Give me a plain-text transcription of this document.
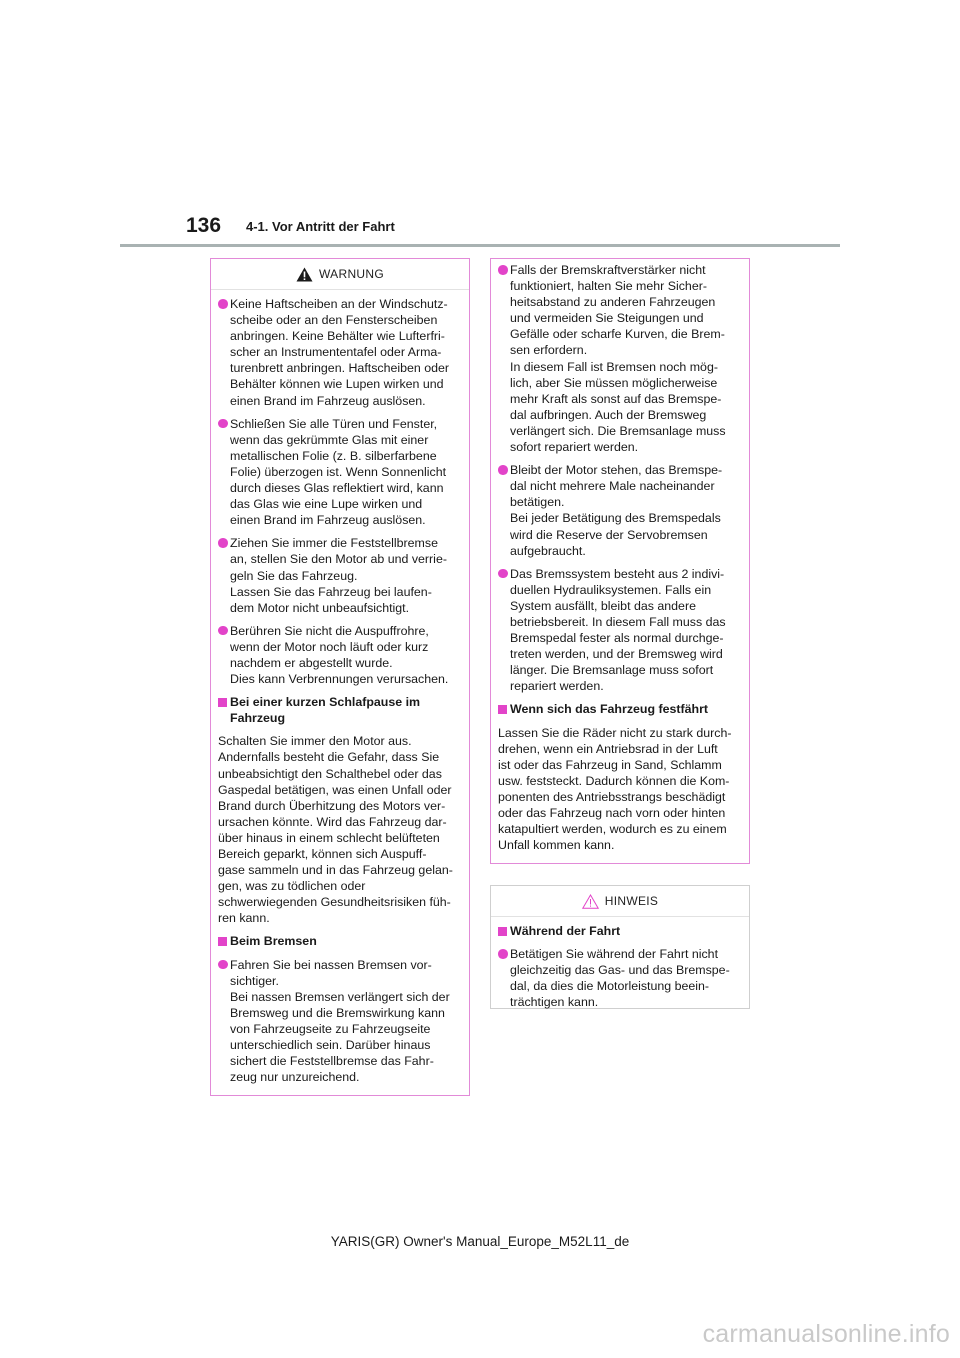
136 4-1. Vor Antritt der Fahrt
WARNUNG
Keine Haftscheiben an der Windschutz-
scheibe oder an den Fensterscheiben
anbringen. Keine Behälter wie Lufterfri-
scher an Instrumententafel oder Arma-
turenbrett anbringen. Haftscheiben oder
Behälter können wie Lupen wirken und
einen Brand im Fahrzeug auslösen.
Schließen Sie alle Türen und Fenster,
wenn das gekrümmte Glas mit einer
metallischen Folie (z. B. silberfarbene
Folie) überzogen ist. Wenn Sonnenlicht
durch dieses Glas reflektiert wird, kann
das Glas wie eine Lupe wirken und
einen Brand im Fahrzeug auslösen.
Ziehen Sie immer die Feststellbremse
an, stellen Sie den Motor ab und verrie-
geln Sie das Fahrzeug.
Lassen Sie das Fahrzeug bei laufen-
dem Motor nicht unbeaufsichtigt.
Berühren Sie nicht die Auspuffrohre,
wenn der Motor noch läuft oder kurz
nachdem er abgestellt wurde.
Dies kann Verbrennungen verursachen.
Bei einer kurzen Schlafpause im
Fahrzeug
Schalten Sie immer den Motor aus.
Andernfalls besteht die Gefahr, dass Sie
unbeabsichtigt den Schalthebel oder das
Gaspedal betätigen, was einen Unfall oder
Brand durch Überhitzung des Motors ver-
ursachen könnte. Wird das Fahrzeug dar-
über hinaus in einem schlecht belüfteten
Bereich geparkt, können sich Auspuff-
gase sammeln und in das Fahrzeug gelan-
gen, was zu tödlichen oder
schwerwiegenden Gesundheitsrisiken füh-
ren kann.
Beim Bremsen
Fahren Sie bei nassen Bremsen vor-
sichtiger.
Bei nassen Bremsen verlängert sich der
Bremsweg und die Bremswirkung kann
von Fahrzeugseite zu Fahrzeugseite
unterschiedlich sein. Darüber hinaus
sichert die Feststellbremse das Fahr-
zeug nur unzureichend.
Falls der Bremskraftverstärker nicht
funktioniert, halten Sie mehr Sicher-
heitsabstand zu anderen Fahrzeugen
und vermeiden Sie Steigungen und
Gefälle oder scharfe Kurven, die Brem-
sen erfordern.
In diesem Fall ist Bremsen noch mög-
lich, aber Sie müssen möglicherweise
mehr Kraft als sonst auf das Bremspe-
dal aufbringen. Auch der Bremsweg
verlängert sich. Die Bremsanlage muss
sofort repariert werden.
Bleibt der Motor stehen, das Bremspe-
dal nicht mehrere Male nacheinander
betätigen.
Bei jeder Betätigung des Bremspedals
wird die Reserve der Servobremsen
aufgebraucht.
Das Bremssystem besteht aus 2 indivi-
duellen Hydrauliksystemen. Falls ein
System ausfällt, bleibt das andere
betriebsbereit. In diesem Fall muss das
Bremspedal fester als normal durchge-
treten werden, und der Bremsweg wird
länger. Die Bremsanlage muss sofort
repariert werden.
Wenn sich das Fahrzeug festfährt
Lassen Sie die Räder nicht zu stark durch-
drehen, wenn ein Antriebsrad in der Luft
ist oder das Fahrzeug in Sand, Schlamm
usw. feststeckt. Dadurch können die Kom-
ponenten des Antriebsstrangs beschädigt
oder das Fahrzeug nach vorn oder hinten
katapultiert werden, wodurch es zu einem
Unfall kommen kann.
HINWEIS
Während der Fahrt
Betätigen Sie während der Fahrt nicht
gleichzeitig das Gas- und das Bremspe-
dal, da dies die Motorleistung beein-
trächtigen kann.
YARIS(GR) Owner's Manual_Europe_M52L11_de
carmanualsonline.info
